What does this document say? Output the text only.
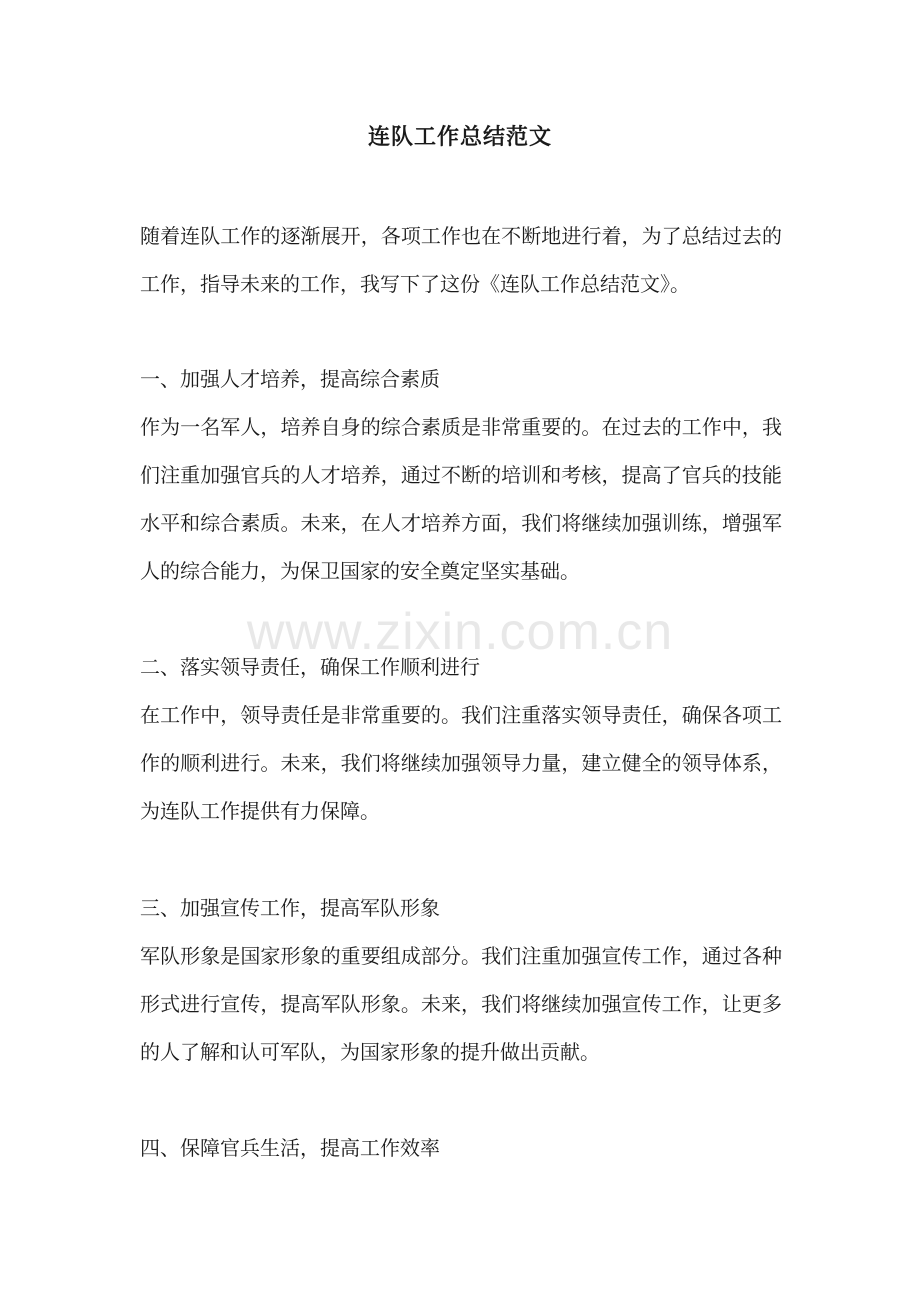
连队工作总结范文
随着连队工作的逐渐展开，各项工作也在不断地进行着，为了总结过去的工作，指导未来的工作，我写下了这份《连队工作总结范文》。
一、加强人才培养，提高综合素质
作为一名军人，培养自身的综合素质是非常重要的。在过去的工作中，我们注重加强官兵的人才培养，通过不断的培训和考核，提高了官兵的技能水平和综合素质。未来，在人才培养方面，我们将继续加强训练，增强军人的综合能力，为保卫国家的安全奠定坚实基础。
二、落实领导责任，确保工作顺利进行
在工作中，领导责任是非常重要的。我们注重落实领导责任，确保各项工作的顺利进行。未来，我们将继续加强领导力量，建立健全的领导体系，为连队工作提供有力保障。
三、加强宣传工作，提高军队形象
军队形象是国家形象的重要组成部分。我们注重加强宣传工作，通过各种形式进行宣传，提高军队形象。未来，我们将继续加强宣传工作，让更多的人了解和认可军队，为国家形象的提升做出贡献。
四、保障官兵生活，提高工作效率
www.zixin.com.cn
